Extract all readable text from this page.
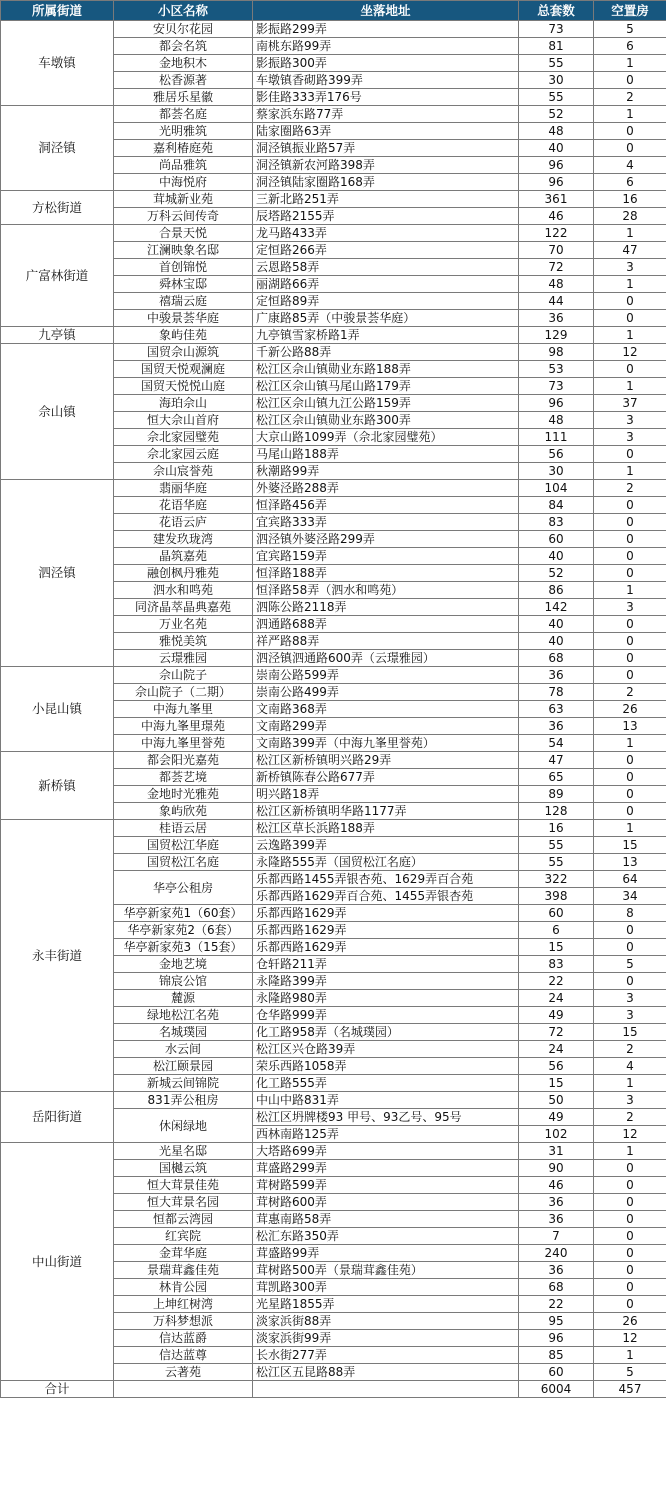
所属街道	小区名称	坐落地址	总套数	空置房
车墩镇	安贝尔花园	影振路299弄	73	5
	都会名筑	南桃东路99弄	81	6
	金地积木	影振路300弄	55	1
	松香源著	车墩镇香砌路399弄	30	0
	雅居乐星徽	影佳路333弄176号	55	2
洞泾镇	都荟名庭	蔡家浜东路77弄	52	1
	光明雅筑	陆家圈路63弄	48	0
	嘉利椿庭苑	洞泾镇振业路57弄	40	0
	尚品雅筑	洞泾镇新农河路398弄	96	4
	中海悦府	洞泾镇陆家圈路168弄	96	6
方松街道	茸城新业苑	三新北路251弄	361	16
	万科云间传奇	辰塔路2155弄	46	28
广富林街道	合景天悦	龙马路433弄	122	1
	江澜映象名邸	定恒路266弄	70	47
	首创锦悦	云恩路58弄	72	3
	舜林宝邸	丽湖路66弄	48	1
	禧瑞云庭	定恒路89弄	44	0
	中骏景荟华庭	广康路85弄（中骏景荟华庭）	36	0
九亭镇	象屿佳苑	九亭镇雪家桥路1弄	129	1
佘山镇	国贸佘山源筑	千新公路88弄	98	12
	国贸天悦观澜庭	松江区佘山镇勋业东路188弄	53	0
	国贸天悦悦山庭	松江区佘山镇马尾山路179弄	73	1
	海珀佘山	松江区佘山镇九江公路159弄	96	37
	恒大佘山首府	松江区佘山镇勋业东路300弄	48	3
	佘北家园璧苑	大京山路1099弄（佘北家园璧苑）	111	3
	佘北家园云庭	马尾山路188弄	56	0
	佘山宸誉苑	秋潮路99弄	30	1
泗泾镇	翡丽华庭	外婆泾路288弄	104	2
	花语华庭	恒泽路456弄	84	0
	花语云庐	宜宾路333弄	83	0
	建发玖珑湾	泗泾镇外婆泾路299弄	60	0
	晶筑嘉苑	宜宾路159弄	40	0
	融创枫丹雅苑	恒泽路188弄	52	0
	泗水和鸣苑	恒泽路58弄（泗水和鸣苑）	86	1
	同济晶萃晶典嘉苑	泗陈公路2118弄	142	3
	万业名苑	泗通路688弄	40	0
	雅悦美筑	祥严路88弄	40	0
	云璟雅园	泗泾镇泗通路600弄（云璟雅园）	68	0
小昆山镇	佘山院子	崇南公路599弄	36	0
	佘山院子（二期）	崇南公路499弄	78	2
	中海九峯里	文南路368弄	63	26
	中海九峯里璟苑	文南路299弄	36	13
	中海九峯里誉苑	文南路399弄（中海九峯里誉苑）	54	1
新桥镇	都会阳光嘉苑	松江区新桥镇明兴路29弄	47	0
	都荟艺境	新桥镇陈春公路677弄	65	0
	金地时光雅苑	明兴路18弄	89	0
	象屿欣苑	松江区新桥镇明华路1177弄	128	0
永丰街道	桂语云居	松江区草长浜路188弄	16	1
	国贸松江华庭	云逸路399弄	55	15
	国贸松江名庭	永隆路555弄（国贸松江名庭）	55	13
	华亭公租房	乐都西路1455弄银杏苑、1629弄百合苑	322	64
		乐都西路1629弄百合苑、1455弄银杏苑	398	34
	华亭新家苑1（60套）	乐都西路1629弄	60	8
	华亭新家苑2（6套）	乐都西路1629弄	6	0
	华亭新家苑3（15套）	乐都西路1629弄	15	0
	金地艺境	仓轩路211弄	83	5
	锦宸公馆	永隆路399弄	22	0
	麓源	永隆路980弄	24	3
	绿地松江名苑	仓华路999弄	49	3
	名城璞园	化工路958弄（名城璞园）	72	15
	水云间	松江区兴仓路39弄	24	2
	松江颐景园	荣乐西路1058弄	56	4
	新城云间锦院	化工路555弄	15	1
岳阳街道	831弄公租房	中山中路831弄	50	3
	休闲绿地	松江区坍牌楼93 甲号、93乙号、95号	49	2
		西林南路125弄	102	12
中山街道	光星名邸	大塔路699弄	31	1
	国樾云筑	茸盛路299弄	90	0
	恒大茸景佳苑	茸树路599弄	46	0
	恒大茸景名园	茸树路600弄	36	0
	恒都云湾园	茸惠南路58弄	36	0
	红宾院	松汇东路350弄	7	0
	金茸华庭	茸盛路99弄	240	0
	景瑞茸鑫佳苑	茸树路500弄（景瑞茸鑫佳苑）	36	0
	林肯公园	茸凯路300弄	68	0
	上坤红树湾	光星路1855弄	22	0
	万科梦想派	淡家浜街88弄	95	26
	信达蓝爵	淡家浜街99弄	96	12
	信达蓝尊	长水街277弄	85	1
	云著苑	松江区五昆路88弄	60	5
合计			6004	457
